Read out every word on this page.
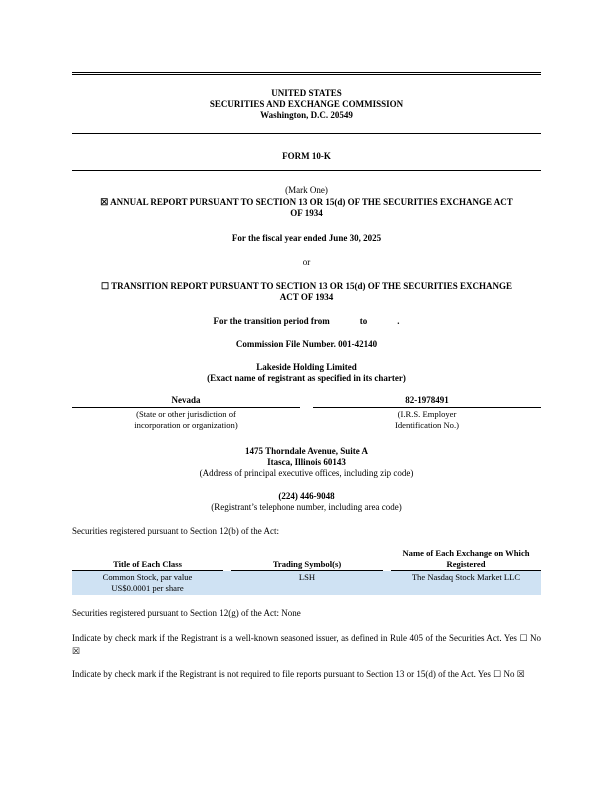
UNITED STATES
SECURITIES AND EXCHANGE COMMISSION
Washington, D.C. 20549
FORM 10-K
(Mark One)
☒ ANNUAL REPORT PURSUANT TO SECTION 13 OR 15(d) OF THE SECURITIES EXCHANGE ACT
OF 1934
For the fiscal year ended June 30, 2025
or
☐ TRANSITION REPORT PURSUANT TO SECTION 13 OR 15(d) OF THE SECURITIES EXCHANGE
ACT OF 1934
For the transition period from	to	.
Commission File Number. 001-42140
Lakeside Holding Limited
(Exact name of registrant as specified in its charter)
Nevada	82-1978491
(State or other jurisdiction of
incorporation or organization)
(I.R.S. Employer
Identification No.)
1475 Thorndale Avenue, Suite A
Itasca, Illinois 60143
(Address of principal executive offices, including zip code)
(224) 446-9048
(Registrant’s telephone number, including area code)
Securities registered pursuant to Section 12(b) of the Act:
Title of Each Class		Trading Symbol(s)		Name of Each Exchange on Which
Registered

Common Stock, par value
US$0.0001 per share		LSH		The Nasdaq Stock Market LLC
Securities registered pursuant to Section 12(g) of the Act: None
Indicate by check mark if the Registrant is a well-known seasoned issuer, as defined in Rule 405 of the Securities Act. Yes ☐ No ☒
Indicate by check mark if the Registrant is not required to file reports pursuant to Section 13 or 15(d) of the Act. Yes ☐ No ☒
